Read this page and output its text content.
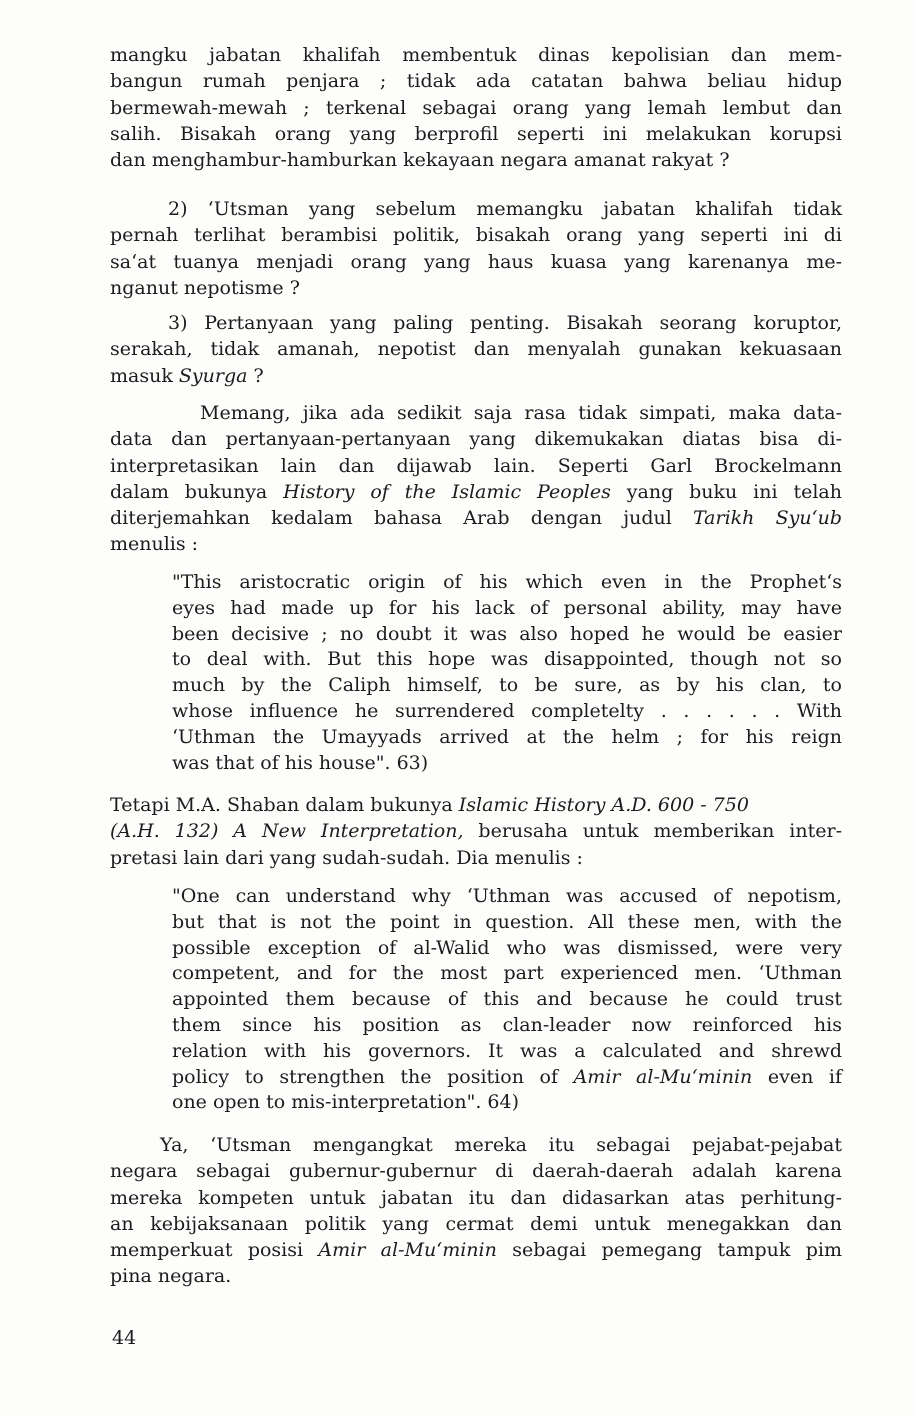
mangku jabatan khalifah membentuk dinas kepolisian dan mem-
bangun rumah penjara ; tidak ada catatan bahwa beliau hidup
bermewah-mewah ; terkenal sebagai orang yang lemah lembut dan
salih. Bisakah orang yang berprofil seperti ini melakukan korupsi
dan menghambur-hamburkan kekayaan negara amanat rakyat ?
2) ‘Utsman yang sebelum memangku jabatan khalifah tidak
pernah terlihat berambisi politik, bisakah orang yang seperti ini di
sa‘at tuanya menjadi orang yang haus kuasa yang karenanya me-
nganut nepotisme ?
3) Pertanyaan yang paling penting. Bisakah seorang koruptor,
serakah, tidak amanah, nepotist dan menyalah gunakan kekuasaan
masuk Syurga ?
Memang, jika ada sedikit saja rasa tidak simpati, maka data-
data dan pertanyaan-pertanyaan yang dikemukakan diatas bisa di-
interpretasikan lain dan dijawab lain. Seperti Garl Brockelmann
dalam bukunya History of the Islamic Peoples yang buku ini telah
diterjemahkan kedalam bahasa Arab dengan judul Tarikh Syu‘ub
menulis :
"This aristocratic origin of his which even in the Prophet‘s
eyes had made up for his lack of personal ability, may have
been decisive ; no doubt it was also hoped he would be easier
to deal with. But this hope was disappointed, though not so
much by the Caliph himself, to be sure, as by his clan, to
whose influence he surrendered completelty . . . . . . With
‘Uthman the Umayyads arrived at the helm ; for his reign
was that of his house". 63)
Tetapi M.A. Shaban dalam bukunya Islamic History A.D. 600 - 750
(A.H. 132) A New Interpretation, berusaha untuk memberikan inter-
pretasi lain dari yang sudah-sudah. Dia menulis :
"One can understand why ‘Uthman was accused of nepotism,
but that is not the point in question. All these men, with the
possible exception of al-Walid who was dismissed, were very
competent, and for the most part experienced men. ‘Uthman
appointed them because of this and because he could trust
them since his position as clan-leader now reinforced his
relation with his governors. It was a calculated and shrewd
policy to strengthen the position of Amir al-Mu‘minin even if
one open to mis-interpretation". 64)
Ya, ‘Utsman mengangkat mereka itu sebagai pejabat-pejabat
negara sebagai gubernur-gubernur di daerah-daerah adalah karena
mereka kompeten untuk jabatan itu dan didasarkan atas perhitung-
an kebijaksanaan politik yang cermat demi untuk menegakkan dan
memperkuat posisi Amir al-Mu‘minin sebagai pemegang tampuk pim
pina negara.
44
